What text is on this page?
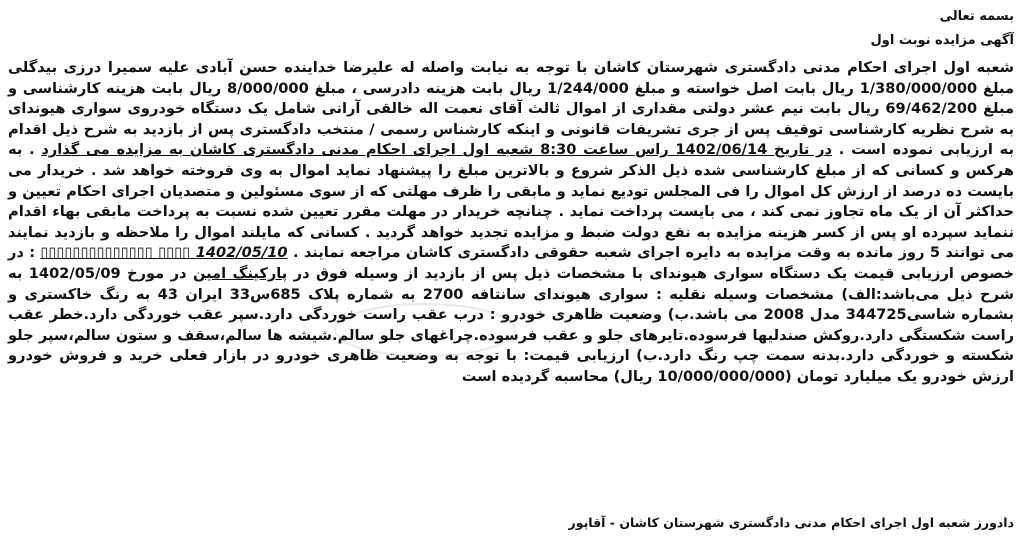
بسمه تعالی
آگهی مزایده نوبت اول

شعبه اول اجرای احکام مدنی دادگستری شهرستان کاشان با توجه به نیابت واصله له علیرضا خداینده حسن آبادی علیه سمیرا درزی بیدگلی مبلغ 1/380/000/000 ریال بابت اصل خواسته و مبلغ 1/244/000 ریال بابت هزینه دادرسی ، مبلغ 8/000/000 ریال بابت هزینه کارشناسی و مبلغ 69/462/200 ریال بابت نیم عشر دولتی مقداری از اموال ثالث آقای نعمت اله خالقی آرانی شامل یک دستگاه خودروی سواری هیوندای به شرح نظریه کارشناسی توقیف پس از جری تشریفات قانونی و اینکه کارشناس رسمی / منتخب دادگستری پس از بازدید به شرح ذیل اقدام به ارزیابی نموده است . در تاریخ 1402/06/14 راس ساعت 8:30 شعبه اول اجرای احکام مدنی دادگستری کاشان به مزایده می گذارد . به هرکس و کسانی که از مبلغ کارشناسی شده ذیل الذکر شروع و بالاترین مبلغ را پیشنهاد نماید اموال به وی فروخته خواهد شد . خریدار می بایست ده درصد از ارزش کل اموال را فی المجلس تودیع نماید و مابقی را ظرف مهلتی که از سوی مسئولین و متصدیان اجرای احکام تعیین و حداکثر آن از یک ماه تجاوز نمی کند ، می بایست پرداخت نماید . چنانچه خریدار در مهلت مقرر تعیین شده نسبت به پرداخت مابقی بهاء اقدام ننماید سپرده او پس از کسر هزینه مزایده به نفع دولت ضبط و مزایده تجدید خواهد گردید . کسانی که مایلند اموال را ملاحظه و بازدید نمایند می توانند 5 روز مانده به وقت مزایده به دایره اجرای شعبه حقوقی دادگستری کاشان مراجعه نمایند . 1402/05/10 ▯▯▯▯ ▯▯▯▯▯▯▯▯▯▯▯▯▯▯ : در خصوص ارزیابی قیمت یک دستگاه سواری هیوندای با مشخصات ذیل پس از بازدید از وسیله فوق در پارکینگ امین در مورخ 1402/05/09 به شرح ذیل می‌باشد:الف) مشخصات وسیله نقلیه : سواری هیوندای سانتافه 2700 به شماره پلاک 685س33 ایران 43 به رنگ خاکستری و بشماره شاسی344725 مدل 2008 می باشد.ب) وضعیت ظاهری خودرو : درب عقب راست خوردگی دارد.سپر عقب خوردگی دارد.خطر عقب راست شکستگی دارد.روکش صندلیها فرسوده.تایرهای جلو و عقب فرسوده.چراغهای جلو سالم.شیشه ها سالم،سقف و ستون سالم،سپر جلو شکسته و خوردگی دارد.بدنه سمت چپ رنگ دارد.ب) ارزیابی قیمت: با توجه به وضعیت ظاهری خودرو در بازار فعلی خرید و فروش خودرو ارزش خودرو یک میلیارد تومان (10/000/000/000 ریال) محاسبه گردیده است

دادورز شعبه اول اجرای احکام مدنی دادگستری شهرستان کاشان - آقاپور
